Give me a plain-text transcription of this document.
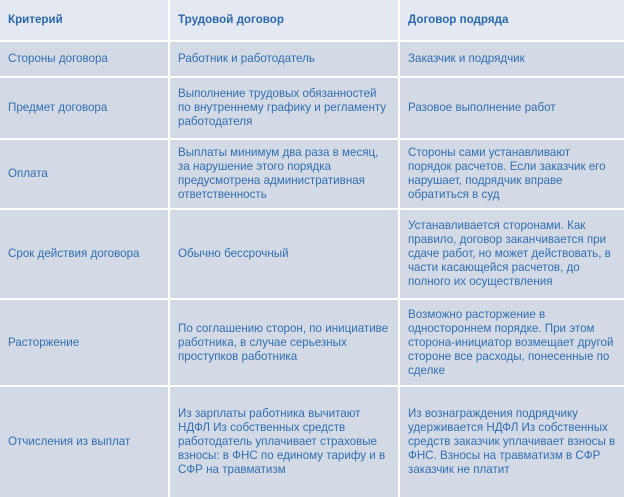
Критерий	Трудовой договор	Договор подряда
Стороны договора	Работник и работодатель	Заказчик и подрядчик
Предмет договора	Выполнение трудовых обязанностей по внутреннему графику и регламенту работодателя	Разовое выполнение работ
Оплата	Выплаты минимум два раза в месяц, за нарушение этого порядка предусмотрена административная ответственность	Стороны сами устанавливают порядок расчетов. Если заказчик его нарушает, подрядчик вправе обратиться в суд
Срок действия договора	Обычно бессрочный	Устанавливается сторонами. Как правило, договор заканчивается при сдаче работ, но может действовать, в части касающейся расчетов, до полного их осуществления
Расторжение	По соглашению сторон, по инициативе работника, в случае серьезных проступков работника	Возможно расторжение в одностороннем порядке. При этом сторона-инициатор возмещает другой стороне все расходы, понесенные по сделке
Отчисления из выплат	Из зарплаты работника вычитают НДФЛ Из собственных средств работодатель уплачивает страховые взносы: в ФНС по единому тарифу и в СФР на травматизм	Из вознаграждения подрядчику удерживается НДФЛ Из собственных средств заказчик уплачивает взносы в ФНС. Взносы на травматизм в СФР заказчик не платит
